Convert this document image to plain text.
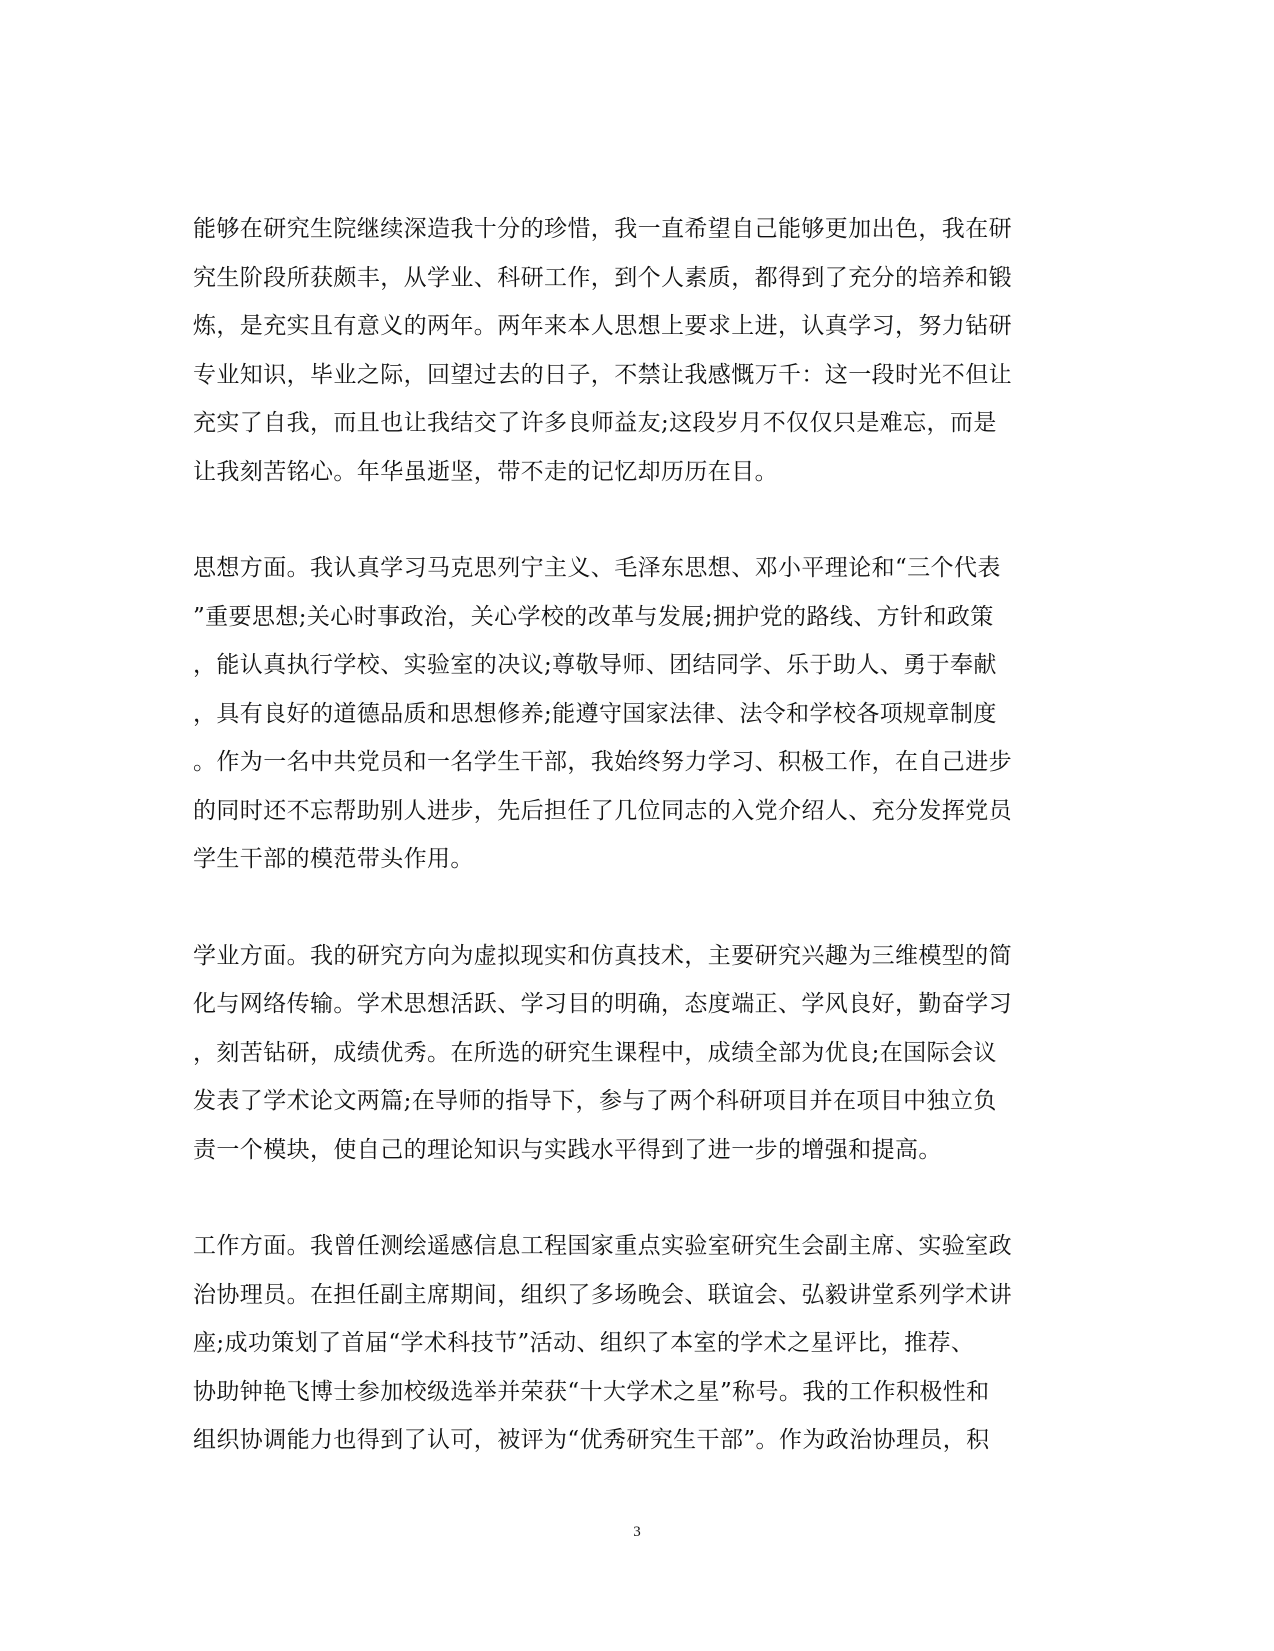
能够在研究生院继续深造我十分的珍惜，我一直希望自己能够更加出色，我在研
究生阶段所获颇丰，从学业、科研工作，到个人素质，都得到了充分的培养和锻
炼，是充实且有意义的两年。两年来本人思想上要求上进，认真学习，努力钻研
专业知识，毕业之际，回望过去的日子，不禁让我感慨万千：这一段时光不但让
充实了自我，而且也让我结交了许多良师益友;这段岁月不仅仅只是难忘，而是
让我刻苦铭心。年华虽逝坚，带不走的记忆却历历在目。
思想方面。我认真学习马克思列宁主义、毛泽东思想、邓小平理论和“三个代表
”重要思想;关心时事政治，关心学校的改革与发展;拥护党的路线、方针和政策
，能认真执行学校、实验室的决议;尊敬导师、团结同学、乐于助人、勇于奉献
，具有良好的道德品质和思想修养;能遵守国家法律、法令和学校各项规章制度
。作为一名中共党员和一名学生干部，我始终努力学习、积极工作，在自己进步
的同时还不忘帮助别人进步，先后担任了几位同志的入党介绍人、充分发挥党员
学生干部的模范带头作用。
学业方面。我的研究方向为虚拟现实和仿真技术，主要研究兴趣为三维模型的简
化与网络传输。学术思想活跃、学习目的明确，态度端正、学风良好，勤奋学习
，刻苦钻研，成绩优秀。在所选的研究生课程中，成绩全部为优良;在国际会议
发表了学术论文两篇;在导师的指导下，参与了两个科研项目并在项目中独立负
责一个模块，使自己的理论知识与实践水平得到了进一步的增强和提高。
工作方面。我曾任测绘遥感信息工程国家重点实验室研究生会副主席、实验室政
治协理员。在担任副主席期间，组织了多场晚会、联谊会、弘毅讲堂系列学术讲
座;成功策划了首届“学术科技节”活动、组织了本室的学术之星评比，推荐、
协助钟艳飞博士参加校级选举并荣获“十大学术之星”称号。我的工作积极性和
组织协调能力也得到了认可，被评为“优秀研究生干部”。作为政治协理员，积
3
